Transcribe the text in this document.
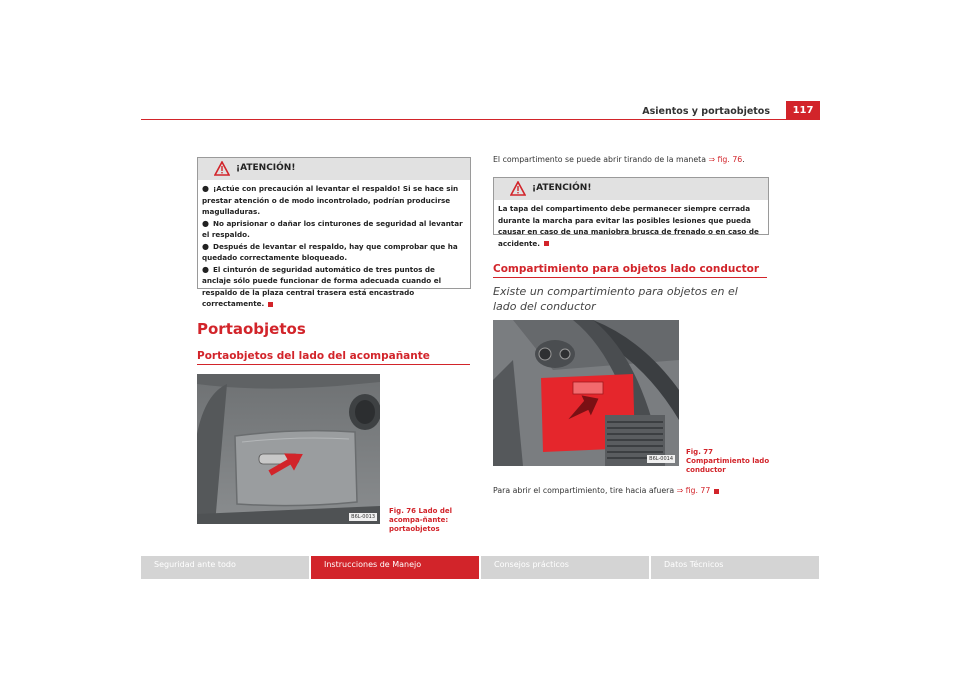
Asientos y portaobjetos	117
¡ATENCIÓN!

● ¡Actúe con precaución al levantar el respaldo! Si se hace sin prestar atención o de modo incontrolado, podrían producirse magulladuras.

● No aprisionar o dañar los cinturones de seguridad al levantar el respaldo.

● Después de levantar el respaldo, hay que comprobar que ha quedado correctamente bloqueado.

● El cinturón de seguridad automático de tres puntos de anclaje sólo puede funcionar de forma adecuada cuando el respaldo de la plaza central trasera está encastrado correctamente.

Portaobjetos
Portaobjetos del lado del acompañante
B6L-0013
Fig. 76 Lado del acompa-ñante: portaobjetos
El compartimento se puede abrir tirando de la maneta ⇒ fig. 76.
¡ATENCIÓN!

La tapa del compartimento debe permanecer siempre cerrada durante la marcha para evitar las posibles lesiones que pueda causar en caso de una maniobra brusca de frenado o en caso de accidente.

Compartimiento para objetos lado conductor
Existe un compartimiento para objetos en el lado del conductor
B6L-0014
Fig. 77 Compartimiento lado conductor
Para abrir el compartimiento, tire hacia afuera ⇒ fig. 77
Seguridad ante todo	Instrucciones de Manejo	Consejos prácticos	Datos Técnicos
